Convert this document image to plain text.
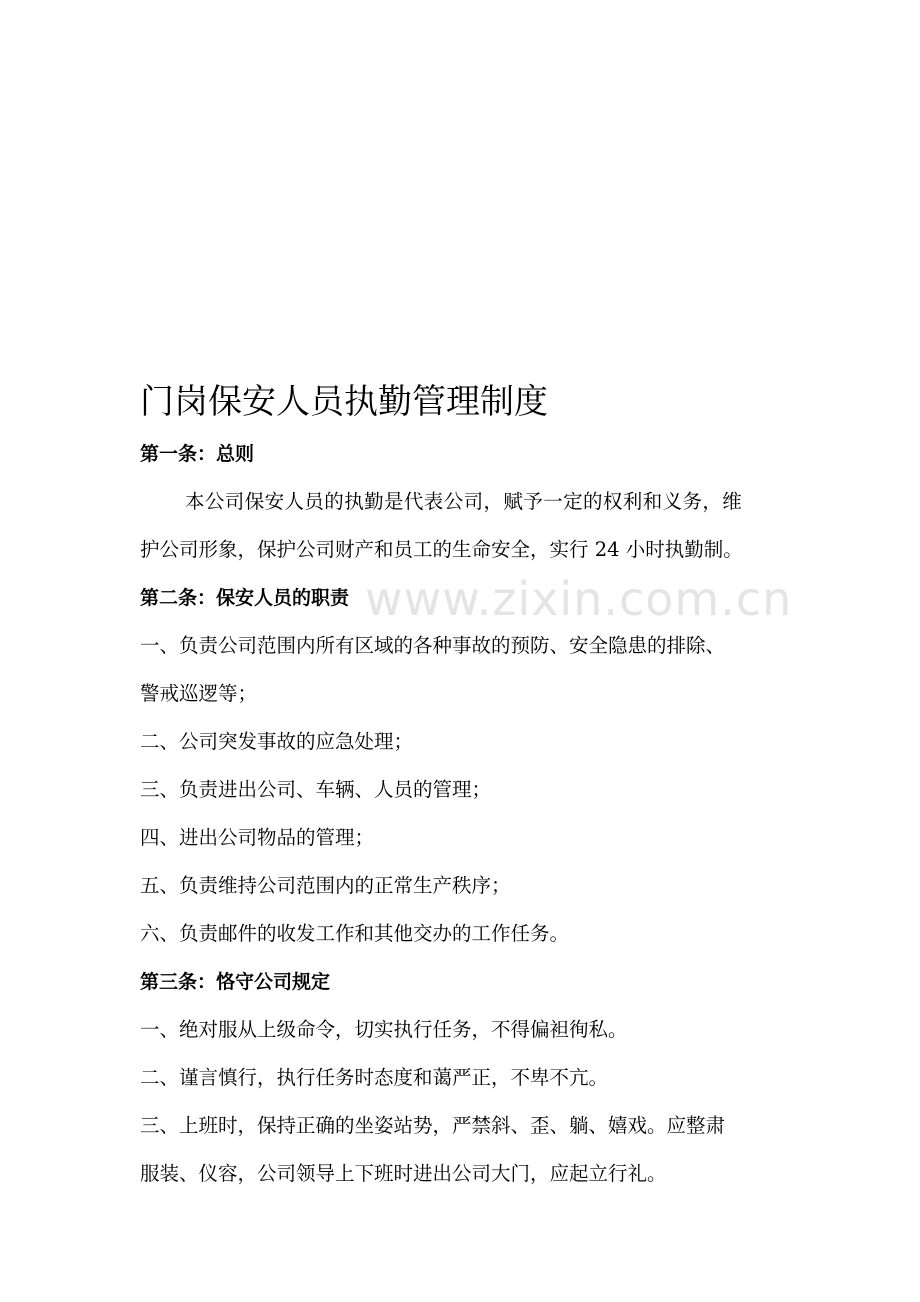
www.zixin.com.cn
门岗保安人员执勤管理制度

第一条：总则

本公司保安人员的执勤是代表公司，赋予一定的权利和义务，维

护公司形象，保护公司财产和员工的生命安全，实行 24 小时执勤制。

第二条：保安人员的职责

一、负责公司范围内所有区域的各种事故的预防、安全隐患的排除、

警戒巡逻等；

二、公司突发事故的应急处理；

三、负责进出公司、车辆、人员的管理；

四、进出公司物品的管理；

五、负责维持公司范围内的正常生产秩序；

六、负责邮件的收发工作和其他交办的工作任务。

第三条：恪守公司规定

一、绝对服从上级命令，切实执行任务，不得偏袒徇私。

二、谨言慎行，执行任务时态度和蔼严正，不卑不亢。

三、上班时，保持正确的坐姿站势，严禁斜、歪、躺、嬉戏。应整肃

服装、仪容，公司领导上下班时进出公司大门，应起立行礼。
